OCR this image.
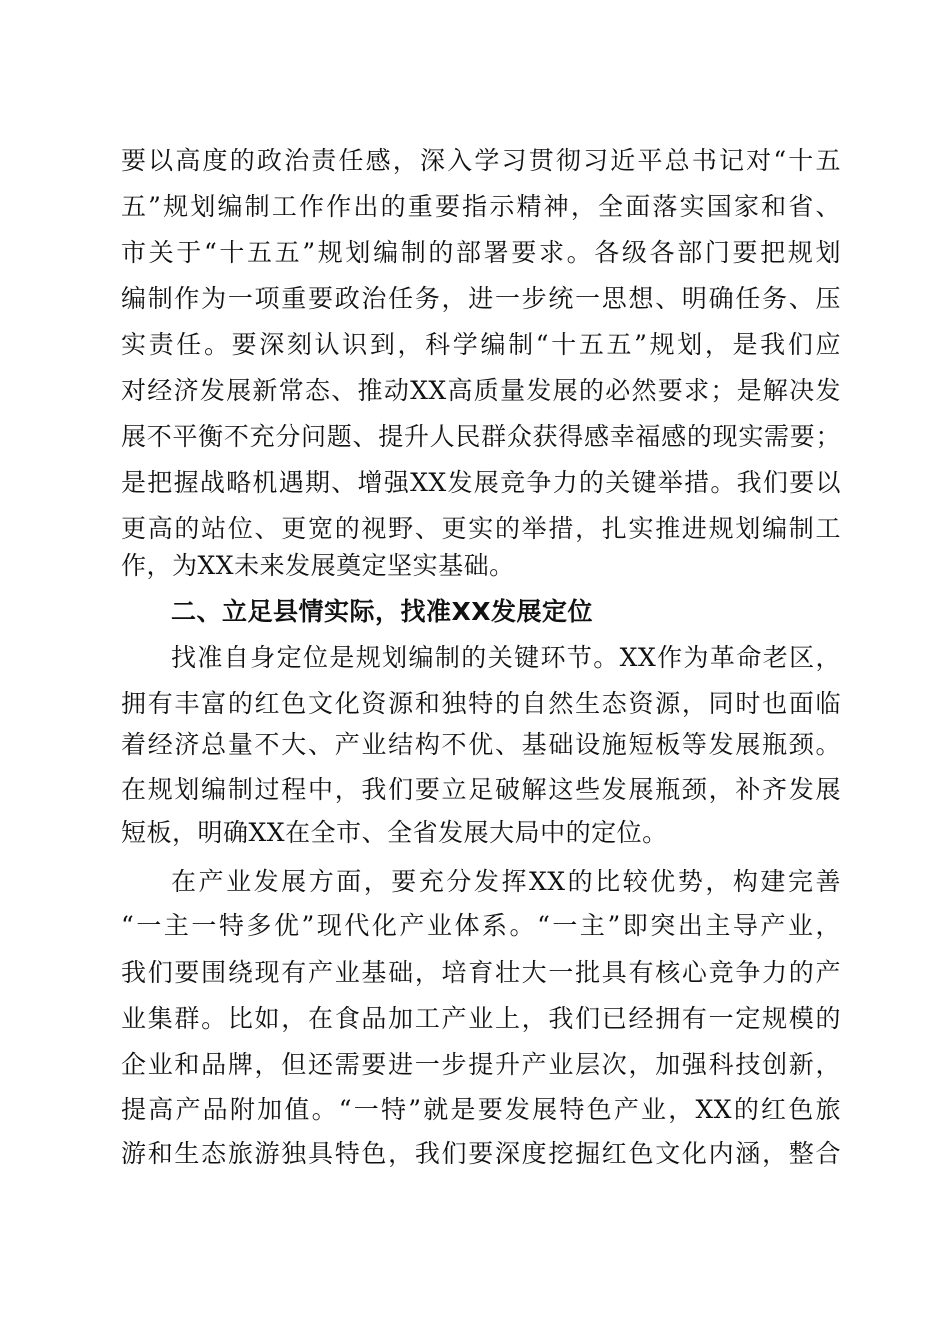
要以高度的政治责任感，深入学习贯彻习近平总书记对“十五
五”规划编制工作作出的重要指示精神，全面落实国家和省、
市关于“十五五”规划编制的部署要求。各级各部门要把规划
编制作为一项重要政治任务，进一步统一思想、明确任务、压
实责任。要深刻认识到，科学编制“十五五”规划，是我们应
对经济发展新常态、推动XX高质量发展的必然要求；是解决发
展不平衡不充分问题、提升人民群众获得感幸福感的现实需要；
是把握战略机遇期、增强XX发展竞争力的关键举措。我们要以
更高的站位、更宽的视野、更实的举措，扎实推进规划编制工
作，为XX未来发展奠定坚实基础。
二、立足县情实际，找准XX发展定位
找准自身定位是规划编制的关键环节。XX作为革命老区，
拥有丰富的红色文化资源和独特的自然生态资源，同时也面临
着经济总量不大、产业结构不优、基础设施短板等发展瓶颈。
在规划编制过程中，我们要立足破解这些发展瓶颈，补齐发展
短板，明确XX在全市、全省发展大局中的定位。
在产业发展方面，要充分发挥XX的比较优势，构建完善
“一主一特多优”现代化产业体系。“一主”即突出主导产业，
我们要围绕现有产业基础，培育壮大一批具有核心竞争力的产
业集群。比如，在食品加工产业上，我们已经拥有一定规模的
企业和品牌，但还需要进一步提升产业层次，加强科技创新，
提高产品附加值。“一特”就是要发展特色产业，XX的红色旅
游和生态旅游独具特色，我们要深度挖掘红色文化内涵，整合
